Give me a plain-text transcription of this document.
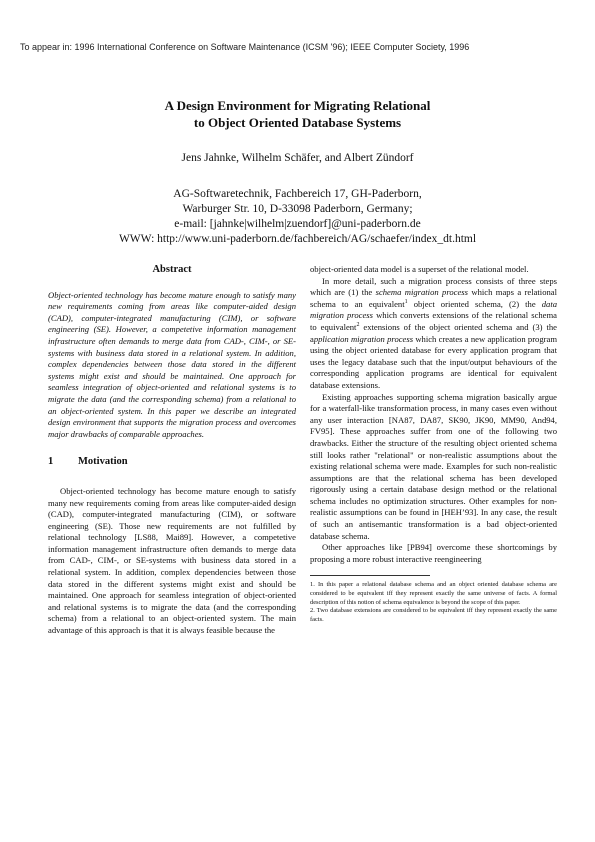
To appear in: 1996 International Conference on Software Maintenance (ICSM '96); IEEE Computer Society, 1996
A Design Environment for Migrating Relational
to Object Oriented Database Systems
Jens Jahnke, Wilhelm Schäfer, and Albert Zündorf
AG-Softwaretechnik, Fachbereich 17, GH-Paderborn,
Warburger Str. 10, D-33098 Paderborn, Germany;
e-mail: [jahnke|wilhelm|zuendorf]@uni-paderborn.de
WWW: http://www.uni-paderborn.de/fachbereich/AG/schaefer/index_dt.html
Abstract

Object-oriented technology has become mature enough to satisfy many new requirements coming from areas like computer-aided design (CAD), computer-integrated manufacturing (CIM), or software engineering (SE). However, a competetive information management infrastructure often demands to merge data from CAD-, CIM-, or SE-systems with business data stored in a relational system. In addition, complex dependencies between those data stored in the different systems might exist and should be maintained. One approach for seamless integration of object-oriented and relational systems is to migrate the data (and the corresponding schema) from a relational to an object-oriented system. In this paper we describe an integrated design environment that supports the migration process and overcomes major drawbacks of comparable approaches.

1 Motivation

Object-oriented technology has become mature enough to satisfy many new requirements coming from areas like computer-aided design (CAD), computer-integrated manufacturing (CIM), or software engineering (SE). Those new requirements are not fulfilled by relational technology [LS88, Mai89]. However, a competetive information management infrastructure often demands to merge data from CAD-, CIM-, or SE-systems with business data stored in a relational system. In addition, complex dependencies between those data stored in the different systems might exist and should be maintained. One approach for seamless integration of object-oriented and relational systems is to migrate the data (and the corresponding schema) from a relational to an object-oriented system. The main advantage of this approach is that it is always feasible because the

object-oriented data model is a superset of the relational model.

In more detail, such a migration process consists of three steps which are (1) the schema migration process which maps a relational schema to an equivalent$^1$ object oriented schema, (2) the data migration process which converts extensions of the relational schema to equivalent$^2$ extensions of the object oriented schema and (3) the application migration process which creates a new application program using the object oriented database for every application program that uses the legacy database such that the input/output behaviours of the corresponding application programs are identical for equivalent database extensions.

Existing approaches supporting schema migration basically argue for a waterfall-like transformation process, in many cases even without any user interaction [NA87, DA87, SK90, JK90, MM90, And94, FV95]. These approaches suffer from one of the following two drawbacks. Either the structure of the resulting object oriented schema still looks rather "relational" or non-realistic assumptions about the existing relational schema were made. Examples for such non-realistic assumptions are that the relational schema has been developed rigorously using a certain database design method or the relational schema includes no optimization structures. Other examples for non-realistic assumptions can be found in [HEH’93]. In any case, the result of such an antisemantic transformation is a bad object-oriented database schema.

Other approaches like [PB94] overcome these shortcomings by proposing a more robust interactive reengineering

1. In this paper a relational database schema and an object oriented database schema are considered to be equivalent iff they represent exactly the same universe of facts. A formal description of this notion of schema equivalence is beyond the scope of this paper.

2. Two database extensions are considered to be equivalent iff they represent exactly the same facts.
